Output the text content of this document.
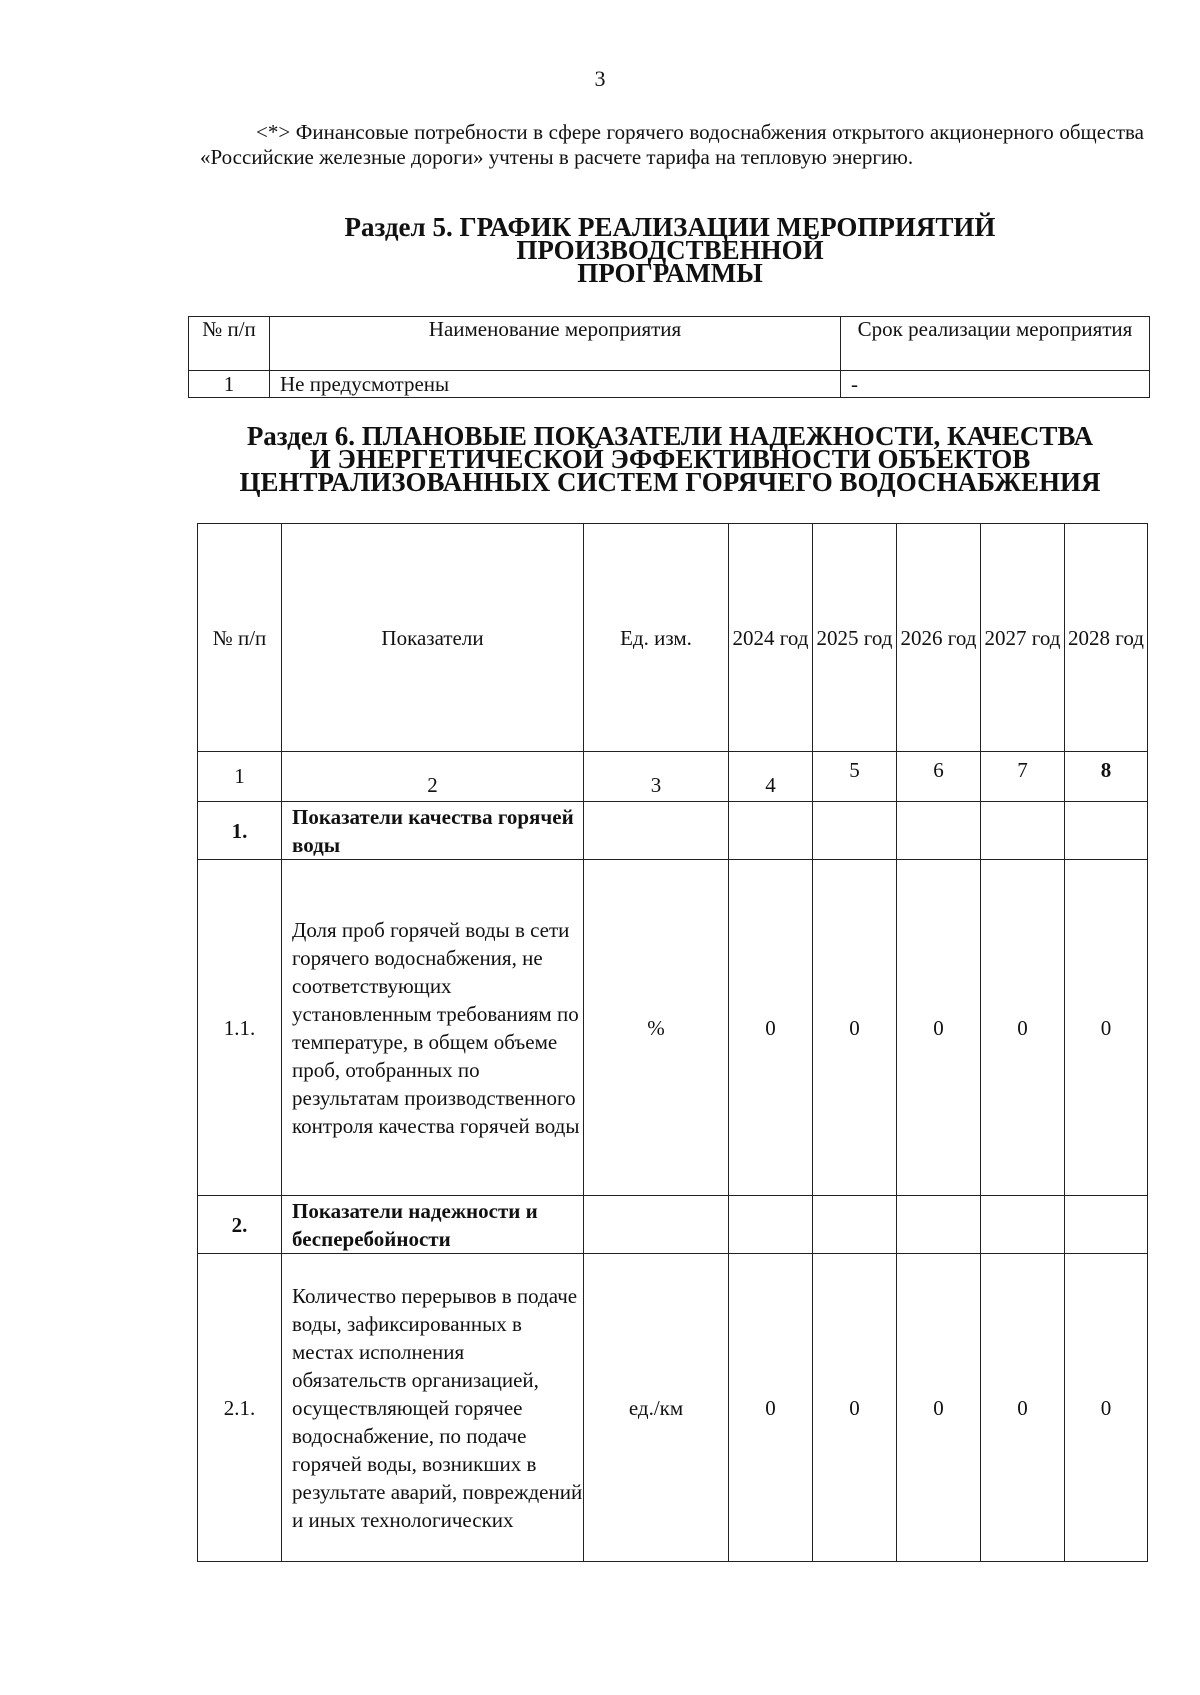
3

<*> Финансовые потребности в сфере горячего водоснабжения открытого акционерного общества «Российские железные дороги» учтены в расчете тарифа на тепловую энергию.

Раздел 5. ГРАФИК РЕАЛИЗАЦИИ МЕРОПРИЯТИЙ
ПРОИЗВОДСТВЕННОЙ
ПРОГРАММЫ
№ п/п	Наименование мероприятия	Срок реализации мероприятия
1	Не предусмотрены	-
Раздел 6. ПЛАНОВЫЕ ПОКАЗАТЕЛИ НАДЕЖНОСТИ, КАЧЕСТВА
И ЭНЕРГЕТИЧЕСКОЙ ЭФФЕКТИВНОСТИ ОБЪЕКТОВ
ЦЕНТРАЛИЗОВАННЫХ СИСТЕМ ГОРЯЧЕГО ВОДОСНАБЖЕНИЯ
№ п/п	Показатели	Ед. изм.	2024 год	2025 год	2026 год	2027 год	2028 год
1	2	3	4	5	6	7	8
1.	Показатели качества горячей воды						
1.1.	Доля проб горячей воды в сети горячего водоснабжения, не соответствующих установленным требованиям по температуре, в общем объеме проб, отобранных по результатам производственного контроля качества горячей воды	%	0	0	0	0	0
2.	Показатели надежности и бесперебойности						
2.1.	Количество перерывов в подаче воды, зафиксированных в местах исполнения обязательств организацией, осуществляющей горячее водоснабжение, по подаче горячей воды, возникших в результате аварий, повреждений и иных технологических	ед./км	0	0	0	0	0
